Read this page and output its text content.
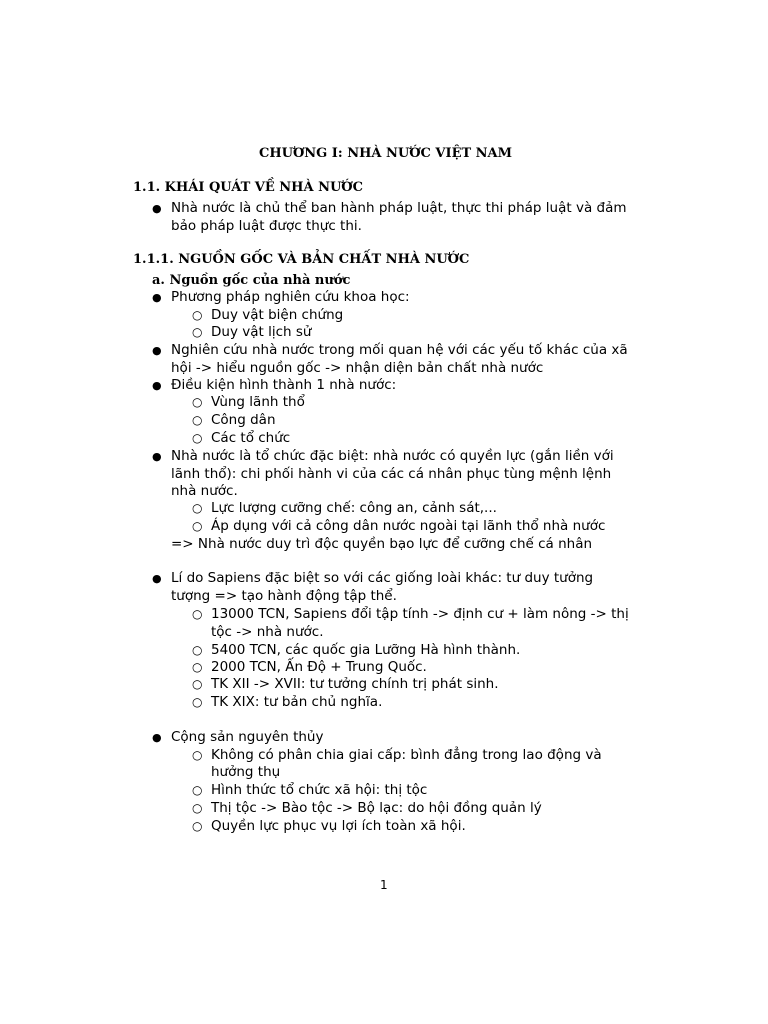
CHƯƠNG I: NHÀ NƯỚC VIỆT NAM
1.1. KHÁI QUÁT VỀ NHÀ NƯỚC
● Nhà nước là chủ thể ban hành pháp luật, thực thi pháp luật và đảm
bảo pháp luật được thực thi.
1.1.1. NGUỒN GỐC VÀ BẢN CHẤT NHÀ NƯỚC
a. Nguồn gốc của nhà nước
● Phương pháp nghiên cứu khoa học:
○ Duy vật biện chứng
○ Duy vật lịch sử
● Nghiên cứu nhà nước trong mối quan hệ với các yếu tố khác của xã
hội -> hiểu nguồn gốc -> nhận diện bản chất nhà nước
● Điều kiện hình thành 1 nhà nước:
○ Vùng lãnh thổ
○ Công dân
○ Các tổ chức
● Nhà nước là tổ chức đặc biệt: nhà nước có quyền lực (gắn liền với
lãnh thổ): chi phối hành vi của các cá nhân phục tùng mệnh lệnh
nhà nước.
○ Lực lượng cưỡng chế: công an, cảnh sát,...
○ Áp dụng với cả công dân nước ngoài tại lãnh thổ nhà nước
=> Nhà nước duy trì độc quyền bạo lực để cưỡng chế cá nhân
● Lí do Sapiens đặc biệt so với các giống loài khác: tư duy tưởng
tượng => tạo hành động tập thể.
○ 13000 TCN, Sapiens đổi tập tính -> định cư + làm nông -> thị
tộc -> nhà nước.
○ 5400 TCN, các quốc gia Lưỡng Hà hình thành.
○ 2000 TCN, Ấn Độ + Trung Quốc.
○ TK XII -> XVII: tư tưởng chính trị phát sinh.
○ TK XIX: tư bản chủ nghĩa.
● Cộng sản nguyên thủy
○ Không có phân chia giai cấp: bình đẳng trong lao động và
hưởng thụ
○ Hình thức tổ chức xã hội: thị tộc
○ Thị tộc -> Bào tộc -> Bộ lạc: do hội đồng quản lý
○ Quyền lực phục vụ lợi ích toàn xã hội.
1
